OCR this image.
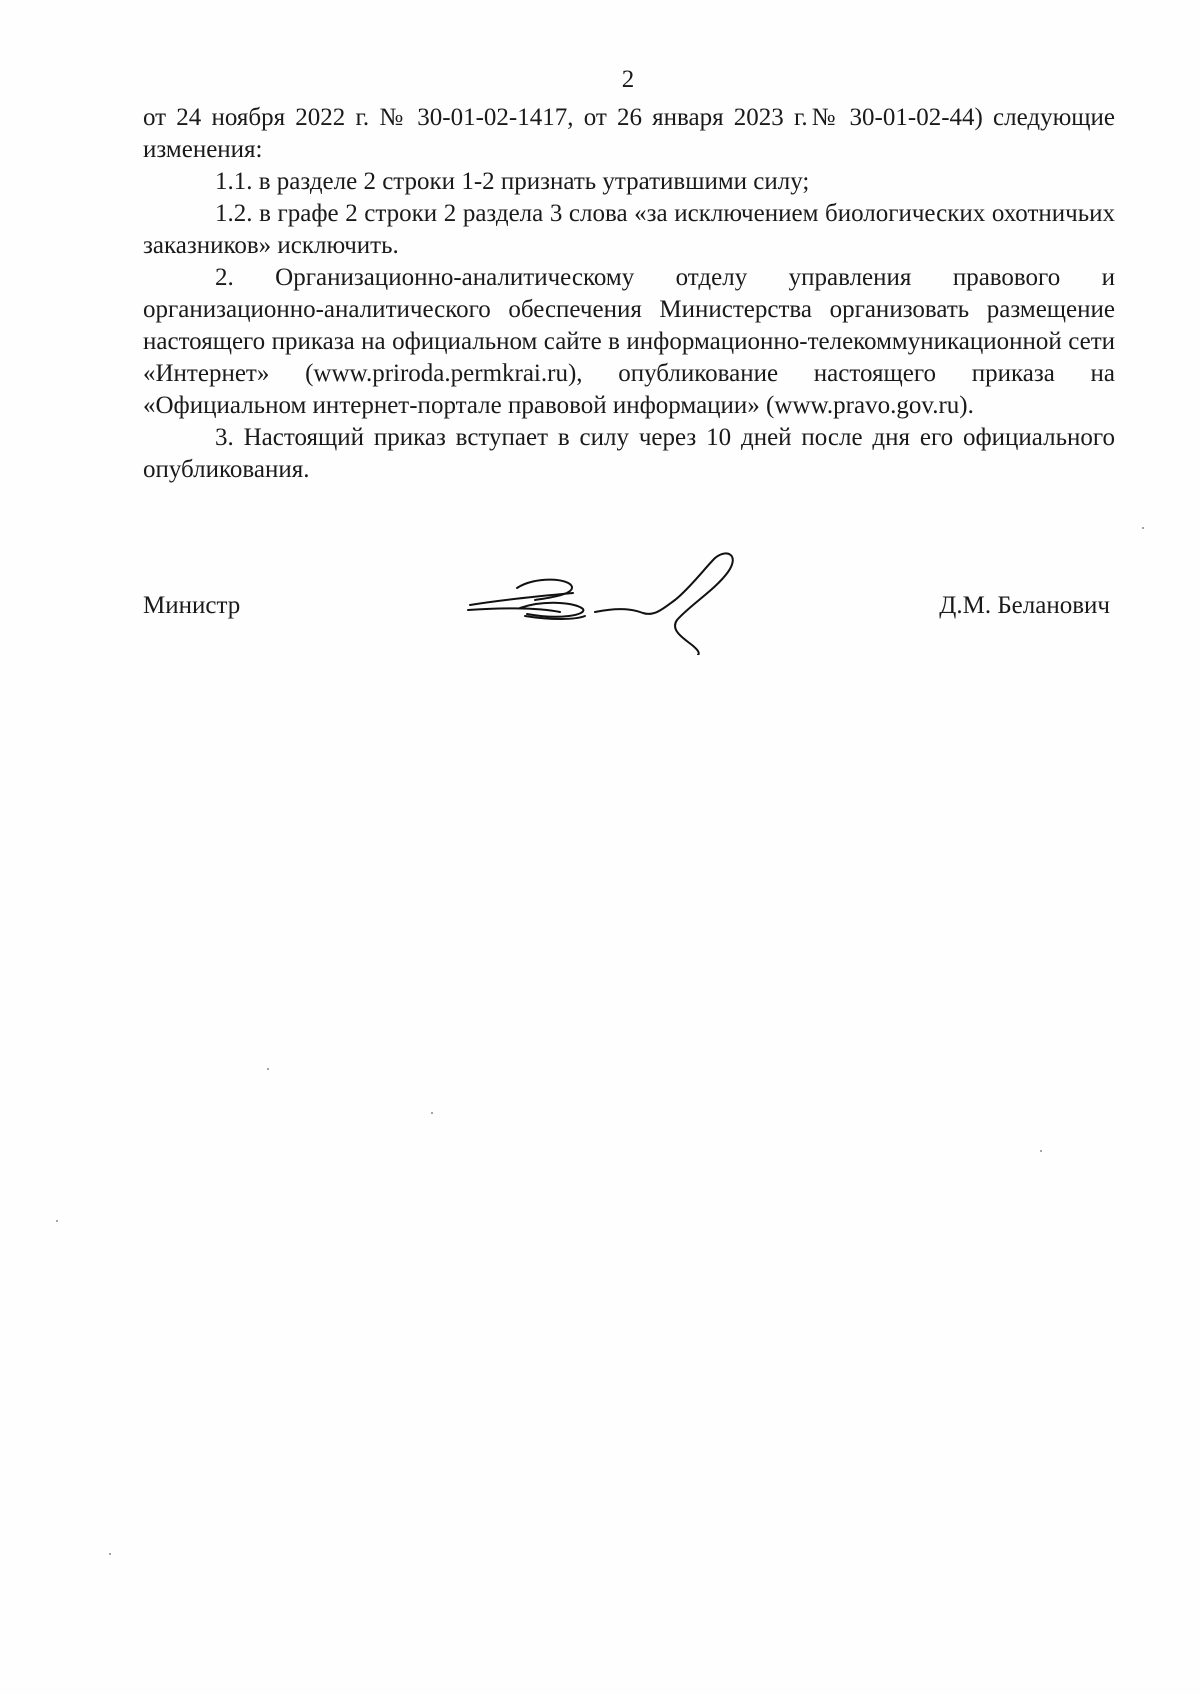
2

от 24 ноября 2022 г. № 30-01-02-1417, от 26 января 2023 г.№ 30-01-02-44) следующие изменения:

1.1. в разделе 2 строки 1-2 признать утратившими силу;

1.2. в графе 2 строки 2 раздела 3 слова «за исключением биологических охотничьих заказников» исключить.

2. Организационно-аналитическому отделу управления правового и организационно-аналитического обеспечения Министерства организовать размещение настоящего приказа на официальном сайте в информационно-телекоммуникационной сети «Интернет» (www.priroda.permkrai.ru), опубликование настоящего приказа на «Официальном интернет-портале правовой информации» (www.pravo.gov.ru).

3. Настоящий приказ вступает в силу через 10 дней после дня его официального опубликования.

Министр	Д.М. Беланович
